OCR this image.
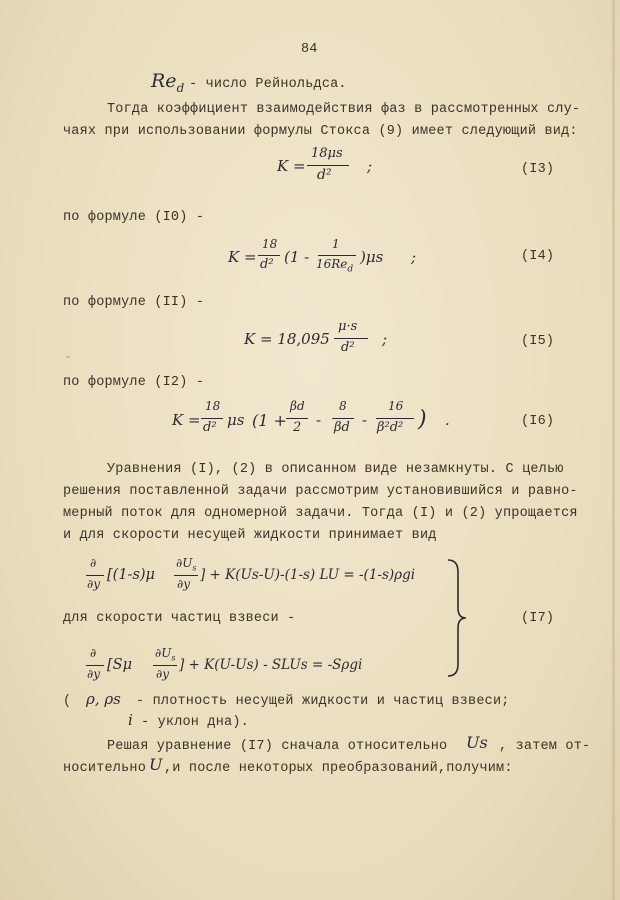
84
$Re_d$ - число Рейнольдса.
Тогда коэффициент взаимодействия фаз в рассмотренных слу-
чаях при использовании формулы Стокса (9) имеет следующий вид:
K =
18μs
d² ;	(I3)
по формуле (I0) -
K =
18
d² (1 -
1
$16Re_d$
)μs ;	(I4)
по формуле (II) -
K = 18,095
μ·s
d² ;	(I5)
по формуле (I2) -
K =
18
d² μs (1 +
βd
2 -
8
βd -
16
β²d² ) .	(I6)
Уравнения (I), (2) в описанном виде незамкнуты. С целью
решения поставленной задачи рассмотрим установившийся и равно-
мерный поток для одномерной задачи. Тогда (I) и (2) упрощается
и для скорости несущей жидкости принимает вид
∂
∂y
[(1-s)μ
$\partial U_s$
∂y
] + K(Us-U)-(1-s) LU = -(1-s)ρgi
для скорости частиц взвеси -
∂
∂y
[Sμ
$\partial U_s$
∂y
] + K(U-Us) - SLUs = -Sρgi
(I7)
( ρ, ρs - плотность несущей жидкости и частиц взвеси;
i - уклон дна).
Решая уравнение (I7) сначала относительно Us , затем от-
носительно U ,и после некоторых преобразований,получим:
